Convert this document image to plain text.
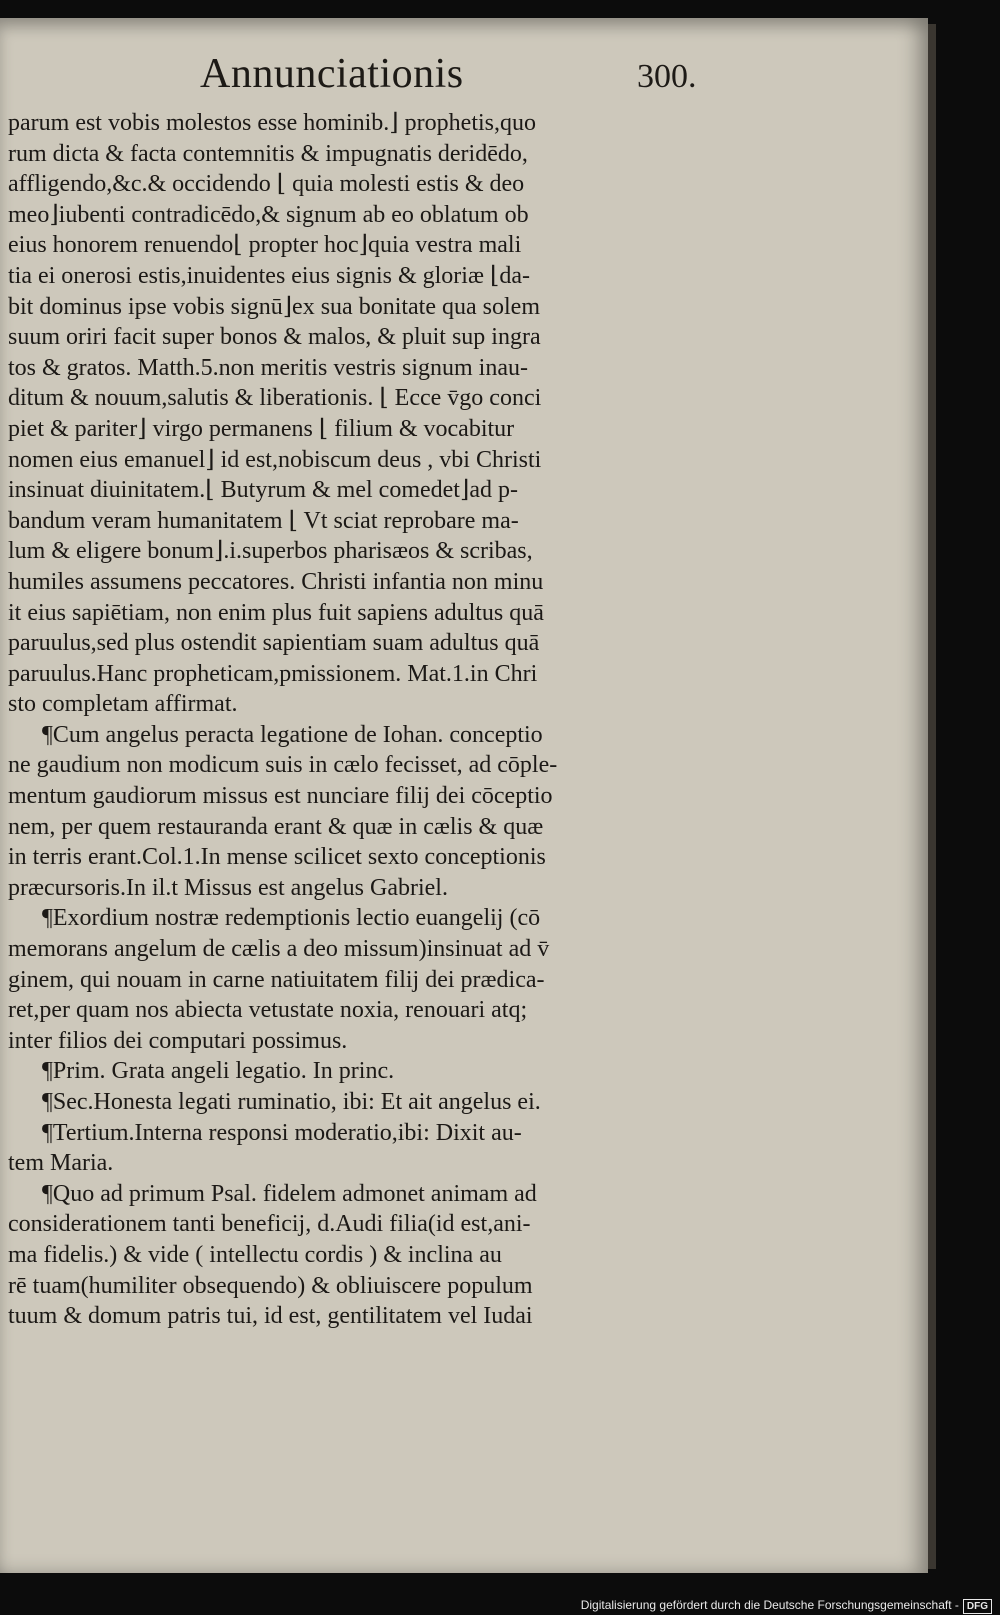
Annunciationis	300.
parum est vobis molestos esse hominib.⌋ prophetis,quo
rum dicta & facta contemnitis & impugnatis deridēdo,
affligendo,&c.& occidendo ⌊ quia molesti estis & deo
meo⌋iubenti contradicēdo,& signum ab eo oblatum ob
eius honorem renuendo⌊ propter hoc⌋quia vestra mali
tia ei onerosi estis,inuidentes eius signis & gloriæ ⌊da-
bit dominus ipse vobis signū⌋ex sua bonitate qua solem
suum oriri facit super bonos & malos, & pluit sup ingra
tos & gratos. Matth.5.non meritis vestris signum inau-
ditum & nouum,salutis & liberationis. ⌊ Ecce v̄go conci
piet & pariter⌋ virgo permanens ⌊ filium & vocabitur
nomen eius emanuel⌋ id est,nobiscum deus , vbi Christi
insinuat diuinitatem.⌊ Butyrum & mel comedet⌋ad p-
bandum veram humanitatem ⌊ Vt sciat reprobare ma-
lum & eligere bonum⌋.i.superbos pharisæos & scribas,
humiles assumens peccatores. Christi infantia non minu
it eius sapiētiam, non enim plus fuit sapiens adultus quā
paruulus,sed plus ostendit sapientiam suam adultus quā
paruulus.Hanc propheticam,pmissionem. Mat.1.in Chri
sto completam affirmat.
¶Cum angelus peracta legatione de Iohan. conceptio
ne gaudium non modicum suis in cælo fecisset, ad cōple-
mentum gaudiorum missus est nunciare filij dei cōceptio
nem, per quem restauranda erant & quæ in cælis & quæ
in terris erant.Col.1.In mense scilicet sexto conceptionis
præcursoris.In il.t Missus est angelus Gabriel.
¶Exordium nostræ redemptionis lectio euangelij (cō
memorans angelum de cælis a deo missum)insinuat ad v̄
ginem, qui nouam in carne natiuitatem filij dei prædica-
ret,per quam nos abiecta vetustate noxia, renouari atq;
inter filios dei computari possimus.
¶Prim. Grata angeli legatio. In princ.
¶Sec.Honesta legati ruminatio, ibi: Et ait angelus ei.
¶Tertium.Interna responsi moderatio,ibi: Dixit au-
tem Maria.
¶Quo ad primum Psal. fidelem admonet animam ad
considerationem tanti beneficij, d.Audi filia(id est,ani-
ma fidelis.) & vide ( intellectu cordis ) & inclina au
rē tuam(humiliter obsequendo) & obliuiscere populum
tuum & domum patris tui, id est, gentilitatem vel Iudai
Digitalisierung gefördert durch die Deutsche Forschungsgemeinschaft - DFG
